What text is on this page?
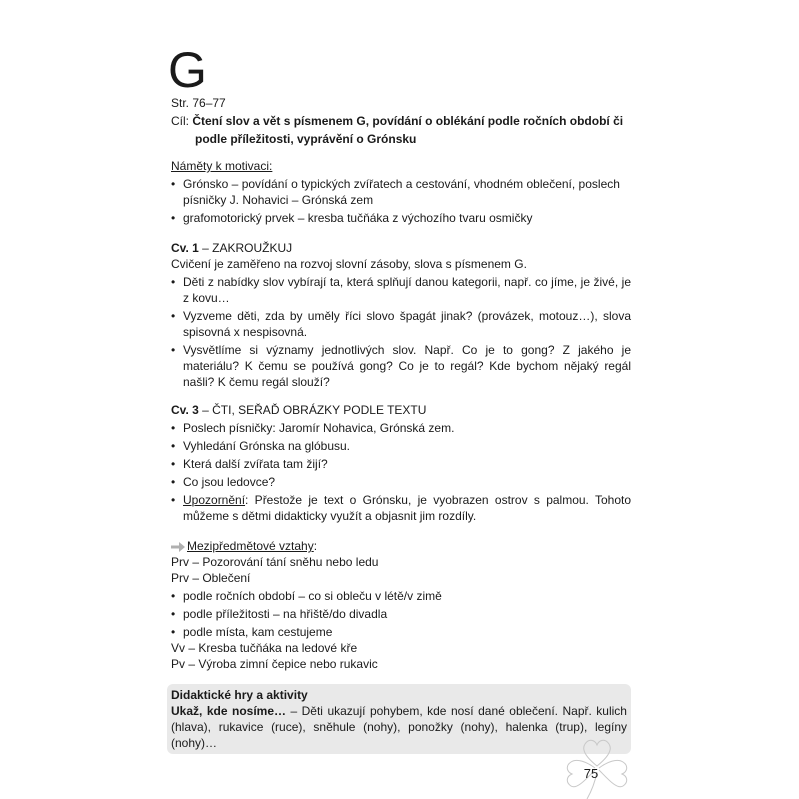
G
Str. 76–77
Cíl: Čtení slov a vět s písmenem G, povídání o oblékání podle ročních období či podle příležitosti, vyprávění o Grónsku
Náměty k motivaci:
• Grónsko – povídání o typických zvířatech a cestování, vhodném oblečení, poslech písničky J. Nohavici – Grónská zem
• grafomotorický prvek – kresba tučňáka z výchozího tvaru osmičky
Cv. 1 – ZAKROUŽKUJ
Cvičení je zaměřeno na rozvoj slovní zásoby, slova s písmenem G.
• Děti z nabídky slov vybírají ta, která splňují danou kategorii, např. co jíme, je živé, je z kovu…
• Vyzveme děti, zda by uměly říci slovo špagát jinak? (provázek, motouz…), slova spisovná x nespisovná.
• Vysvětlíme si významy jednotlivých slov. Např. Co je to gong? Z jakého je materiálu? K čemu se používá gong? Co je to regál? Kde bychom nějaký regál našli? K čemu regál slouží?
Cv. 3 – ČTI, SEŘAĎ OBRÁZKY PODLE TEXTU
• Poslech písničky: Jaromír Nohavica, Grónská zem.
• Vyhledání Grónska na glóbusu.
• Která další zvířata tam žijí?
• Co jsou ledovce?
• Upozornění: Přestože je text o Grónsku, je vyobrazen ostrov s palmou. Tohoto můžeme s dětmi didakticky využít a objasnit jim rozdíly.
Mezipředmětové vztahy:
Prv – Pozorování tání sněhu nebo ledu
Prv – Oblečení
• podle ročních období – co si obleču v létě/v zimě
• podle příležitosti – na hřiště/do divadla
• podle místa, kam cestujeme
Vv – Kresba tučňáka na ledové kře
Pv – Výroba zimní čepice nebo rukavic
Didaktické hry a aktivity
Ukaž, kde nosíme… – Děti ukazují pohybem, kde nosí dané oblečení. Např. kulich (hlava), rukavice (ruce), sněhule (nohy), ponožky (nohy), halenka (trup), legíny (nohy)…
75
